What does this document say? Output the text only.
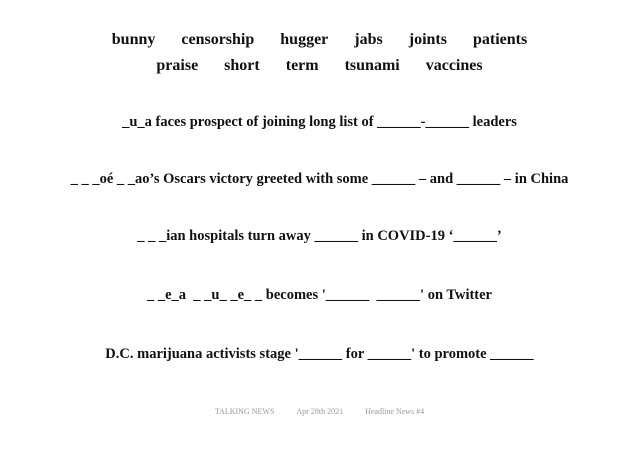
bunny censorship hugger jabs joints patients
praise short term tsunami vaccines
_u_a faces prospect of joining long list of ______-______ leaders
_ _ _oé _ _ao’s Oscars victory greeted with some ______ – and ______ – in China
_ _ _ian hospitals turn away ______ in COVID-19 ‘______’
_ _e_a  _ _u_ _e_ _ becomes '______  ______' on Twitter
D.C. marijuana activists stage '______ for ______' to promote ______
TALKING NEWS	Apr 28th 2021	Headline News #4
